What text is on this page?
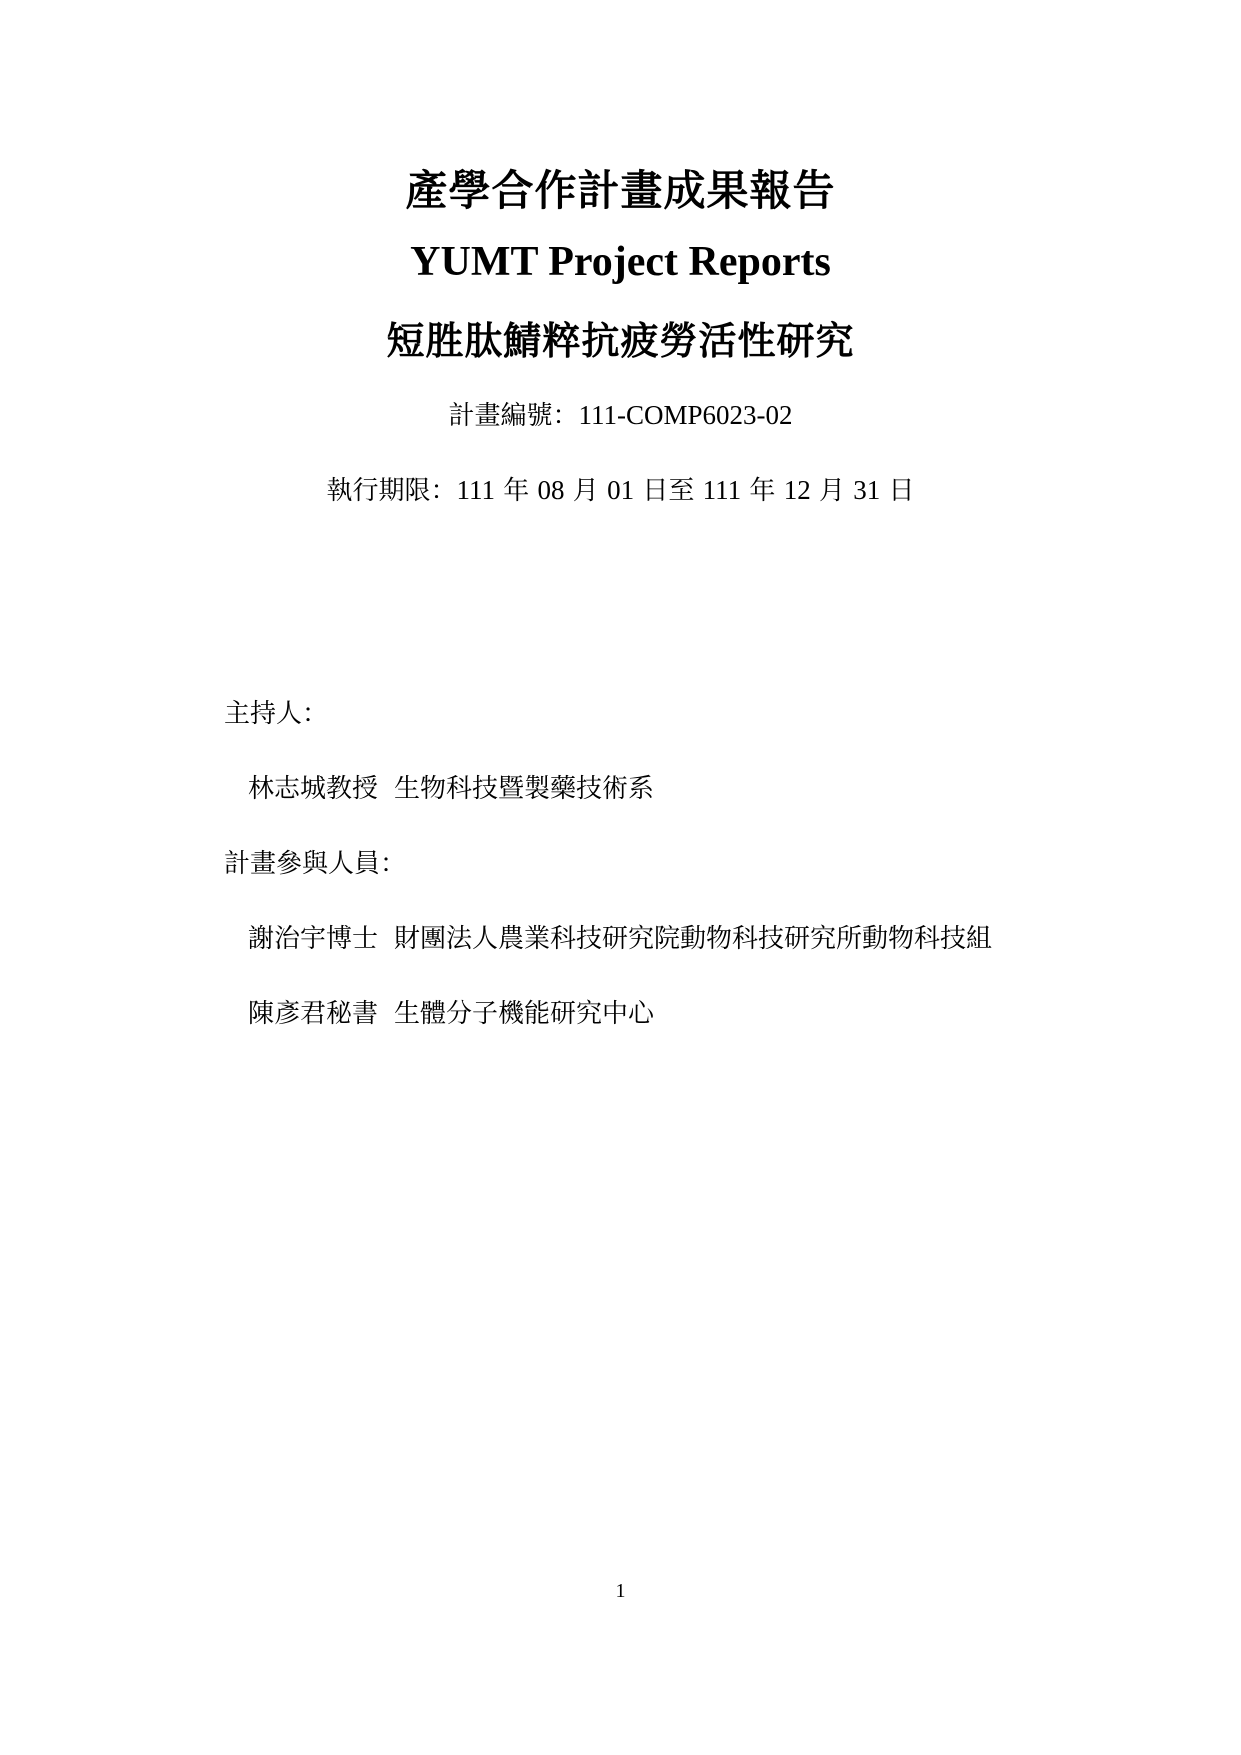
產學合作計畫成果報告
YUMT Project Reports
短胜肽鯖粹抗疲勞活性研究
計畫編號：111-COMP6023-02
執行期限：111 年 08 月 01 日至 111 年 12 月 31 日
主持人：
林志城教授 生物科技暨製藥技術系
計畫參與人員：
謝治宇博士 財團法人農業科技研究院動物科技研究所動物科技組
陳彥君秘書 生體分子機能研究中心
1
